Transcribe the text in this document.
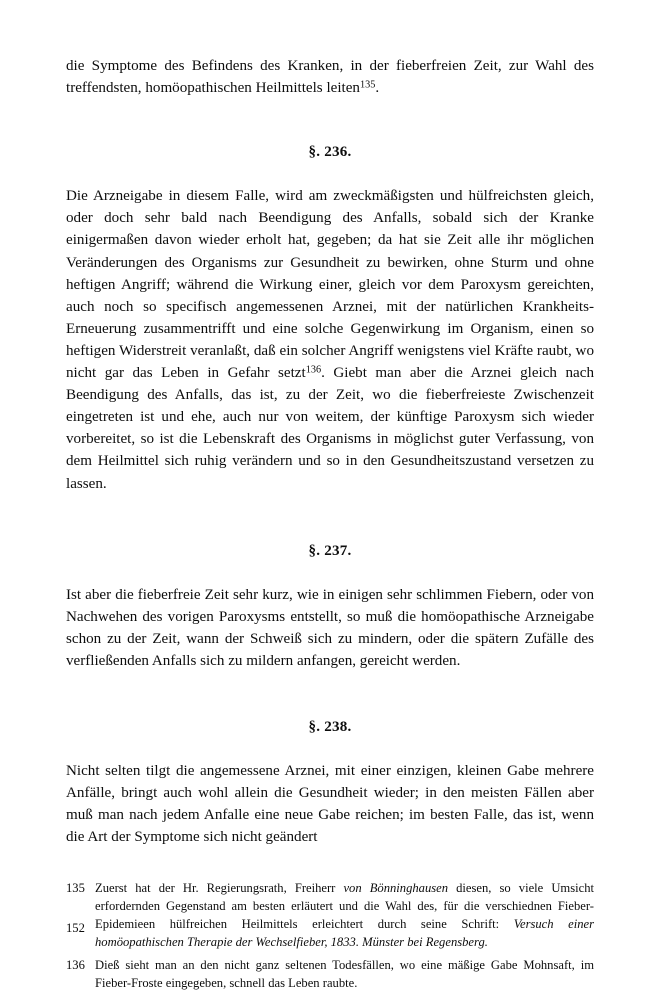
die Symptome des Befindens des Kranken, in der fieberfreien Zeit, zur Wahl des treffendsten, homöopathischen Heilmittels leiten$^{135}$.

§. 236.

Die Arzneigabe in diesem Falle, wird am zweckmäßigsten und hülfreichsten gleich, oder doch sehr bald nach Beendigung des Anfalls, sobald sich der Kranke einigermaßen davon wieder erholt hat, gegeben; da hat sie Zeit alle ihr möglichen Veränderungen des Organisms zur Gesundheit zu bewirken, ohne Sturm und ohne heftigen Angriff; während die Wirkung einer, gleich vor dem Paroxysm gereichten, auch noch so specifisch angemessenen Arznei, mit der natürlichen Krankheits-Erneuerung zusammentrifft und eine solche Gegenwirkung im Organism, einen so heftigen Widerstreit veranlaßt, daß ein solcher Angriff wenigstens viel Kräfte raubt, wo nicht gar das Leben in Gefahr setzt$^{136}$. Giebt man aber die Arznei gleich nach Beendigung des Anfalls, das ist, zu der Zeit, wo die fieberfreieste Zwischenzeit eingetreten ist und ehe, auch nur von weitem, der künftige Paroxysm sich wieder vorbereitet, so ist die Lebenskraft des Organisms in möglichst guter Verfassung, von dem Heilmittel sich ruhig verändern und so in den Gesundheitszustand versetzen zu lassen.

§. 237.

Ist aber die fieberfreie Zeit sehr kurz, wie in einigen sehr schlimmen Fiebern, oder von Nachwehen des vorigen Paroxysms entstellt, so muß die homöopathische Arzneigabe schon zu der Zeit, wann der Schweiß sich zu mindern, oder die spätern Zufälle des verfließenden Anfalls sich zu mildern anfangen, gereicht werden.

§. 238.

Nicht selten tilgt die angemessene Arznei, mit einer einzigen, kleinen Gabe mehrere Anfälle, bringt auch wohl allein die Gesundheit wieder; in den meisten Fällen aber muß man nach jedem Anfalle eine neue Gabe reichen; im besten Falle, das ist, wenn die Art der Symptome sich nicht geändert

135 Zuerst hat der Hr. Regierungsrath, Freiherr von Bönninghausen diesen, so viele Umsicht erfordernden Gegenstand am besten erläutert und die Wahl des, für die verschiednen Fieber-Epidemieen hülfreichen Heilmittels erleichtert durch seine Schrift: Versuch einer homöopathischen Therapie der Wechselfieber, 1833. Münster bei Regensberg.
136 Dieß sieht man an den nicht ganz seltenen Todesfällen, wo eine mäßige Gabe Mohnsaft, im Fieber-Froste eingegeben, schnell das Leben raubte.
152
